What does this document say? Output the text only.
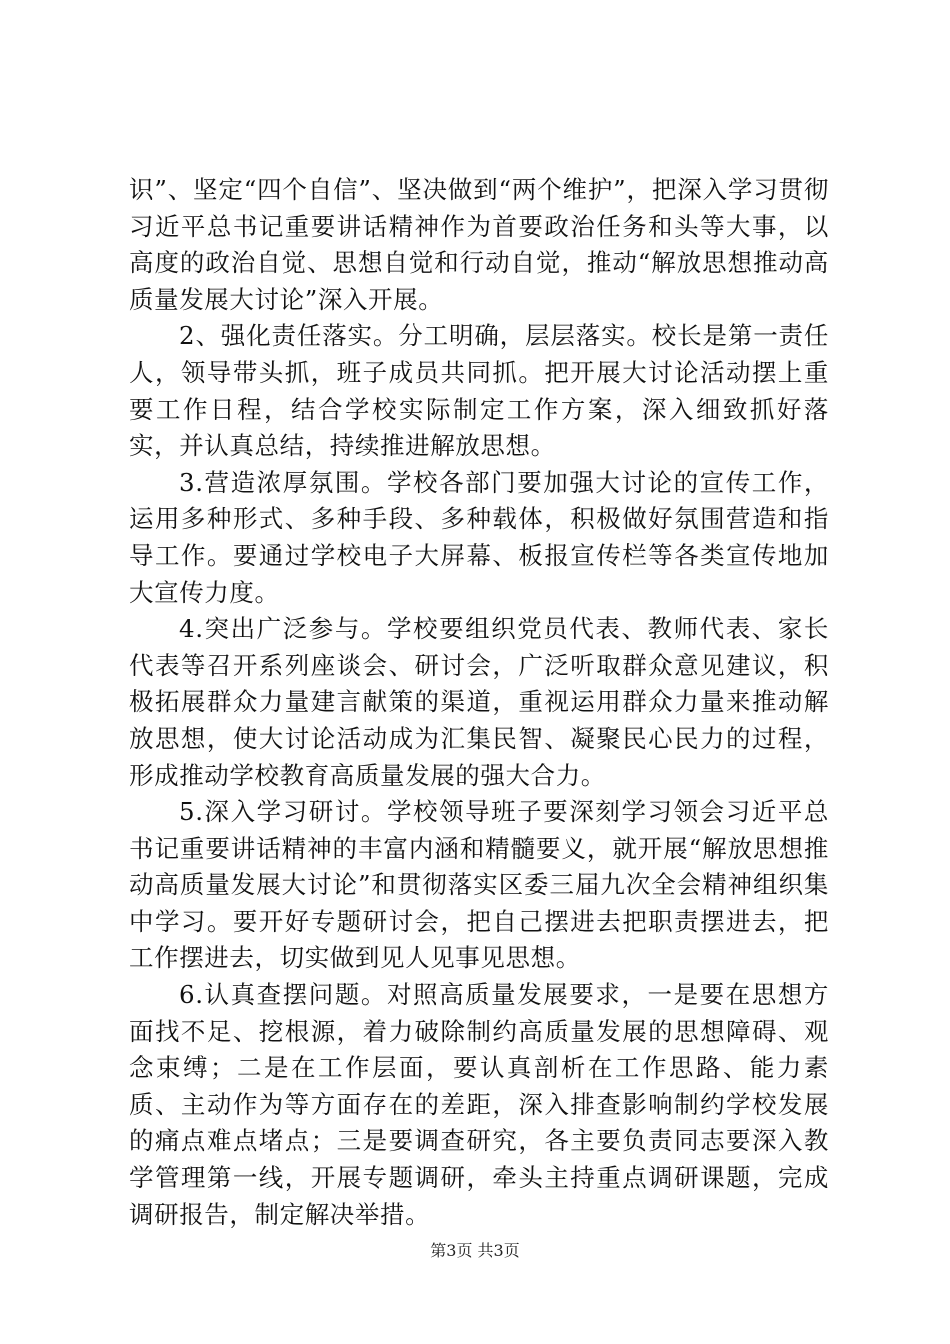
识”、坚定“四个自信”、坚决做到“两个维护”，把深入学习贯彻习近平总书记重要讲话精神作为首要政治任务和头等大事，以高度的政治自觉、思想自觉和行动自觉，推动“解放思想推动高质量发展大讨论”深入开展。

2、强化责任落实。分工明确，层层落实。校长是第一责任人，领导带头抓，班子成员共同抓。把开展大讨论活动摆上重要工作日程，结合学校实际制定工作方案，深入细致抓好落实，并认真总结，持续推进解放思想。

3.营造浓厚氛围。学校各部门要加强大讨论的宣传工作，运用多种形式、多种手段、多种载体，积极做好氛围营造和指导工作。要通过学校电子大屏幕、板报宣传栏等各类宣传地加大宣传力度。

4.突出广泛参与。学校要组织党员代表、教师代表、家长代表等召开系列座谈会、研讨会，广泛听取群众意见建议，积极拓展群众力量建言献策的渠道，重视运用群众力量来推动解放思想，使大讨论活动成为汇集民智、凝聚民心民力的过程，形成推动学校教育高质量发展的强大合力。

5.深入学习研讨。学校领导班子要深刻学习领会习近平总书记重要讲话精神的丰富内涵和精髓要义，就开展“解放思想推动高质量发展大讨论”和贯彻落实区委三届九次全会精神组织集中学习。要开好专题研讨会，把自己摆进去把职责摆进去，把工作摆进去，切实做到见人见事见思想。

6.认真查摆问题。对照高质量发展要求，一是要在思想方面找不足、挖根源，着力破除制约高质量发展的思想障碍、观念束缚；二是在工作层面，要认真剖析在工作思路、能力素质、主动作为等方面存在的差距，深入排查影响制约学校发展的痛点难点堵点；三是要调查研究，各主要负责同志要深入教学管理第一线，开展专题调研，牵头主持重点调研课题，完成调研报告，制定解决举措。

第3页 共3页
